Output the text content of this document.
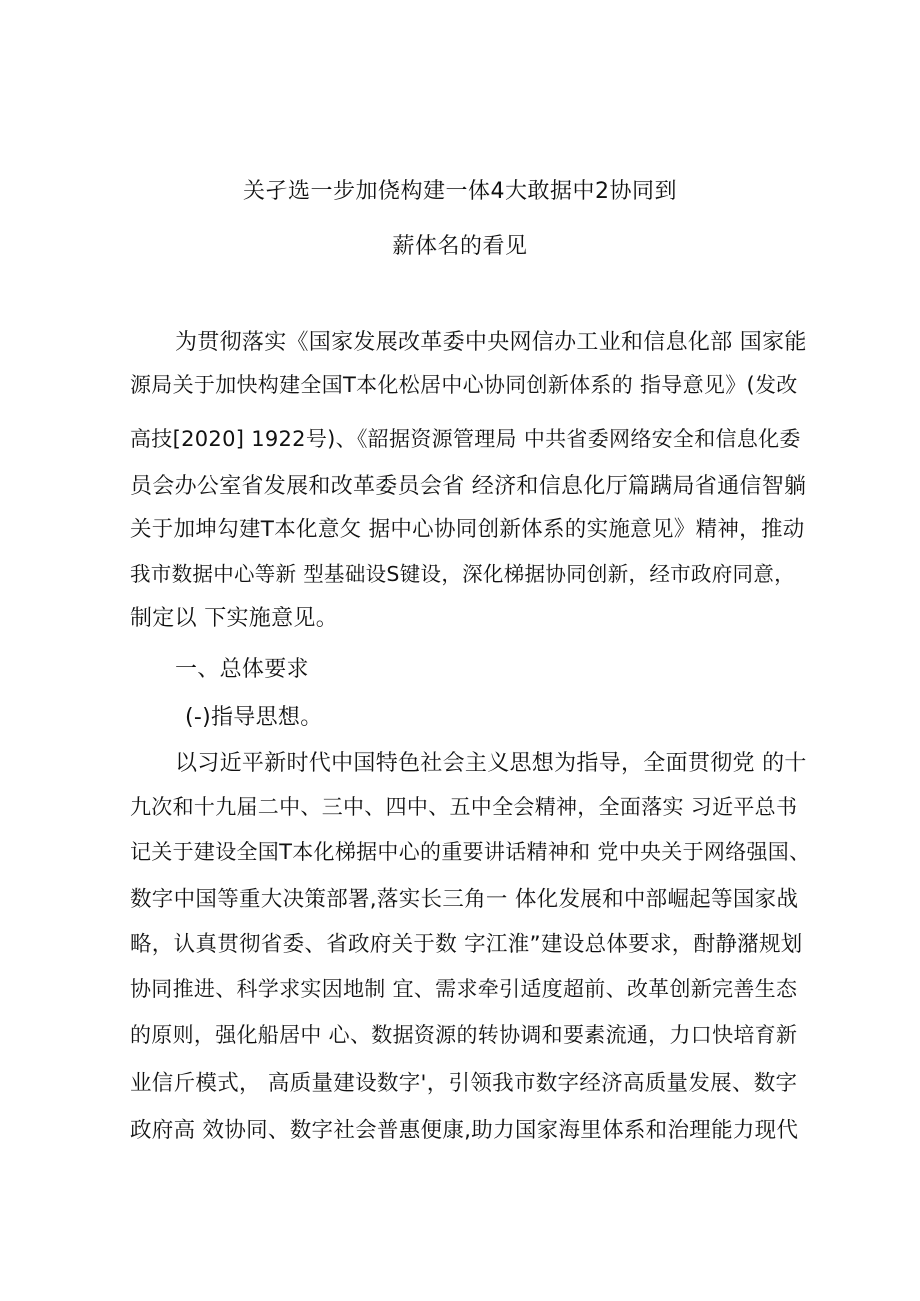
关孑选一步加侥构建一体4大敢据中2协同到
薪体名的看见
为贯彻落实《国家发展改革委中央网信办工业和信息化部 国家能
源局关于加快构建全国T本化松居中心协同创新体系的 指导意见》(发改
高技[2020] 1922号)、《韶据资源管理局 中共省委网络安全和信息化委
员会办公室省发展和改革委员会省 经济和信息化厅篇蹒局省通信智躺
关于加坤勾建T本化意攵 据中心协同创新体系的实施意见》精神，推动
我市数据中心等新 型基础设S键设，深化梯据协同创新，经市政府同意，
制定以 下实施意见。
一、总体要求
(-)指导思想。
以习近平新时代中国特色社会主义思想为指导，全面贯彻党 的十
九次和十九届二中、三中、四中、五中全会精神，全面落实 习近平总书
记关于建设全国T本化梯据中心的重要讲话精神和 党中央关于网络强国、
数字中国等重大决策部署,落实长三角一 体化发展和中部崛起等国家战
略，认真贯彻省委、省政府关于数 字江淮”建设总体要求，酎静潴规划
协同推进、科学求实因地制 宜、需求牵引适度超前、改革创新完善生态
的原则，强化船居中 心、数据资源的转协调和要素流通，力口快培育新
业信斤模式， 高质量建设数字'，引领我市数字经济高质量发展、数字
政府高 效协同、数字社会普惠便康,助力国家海里体系和治理能力现代
